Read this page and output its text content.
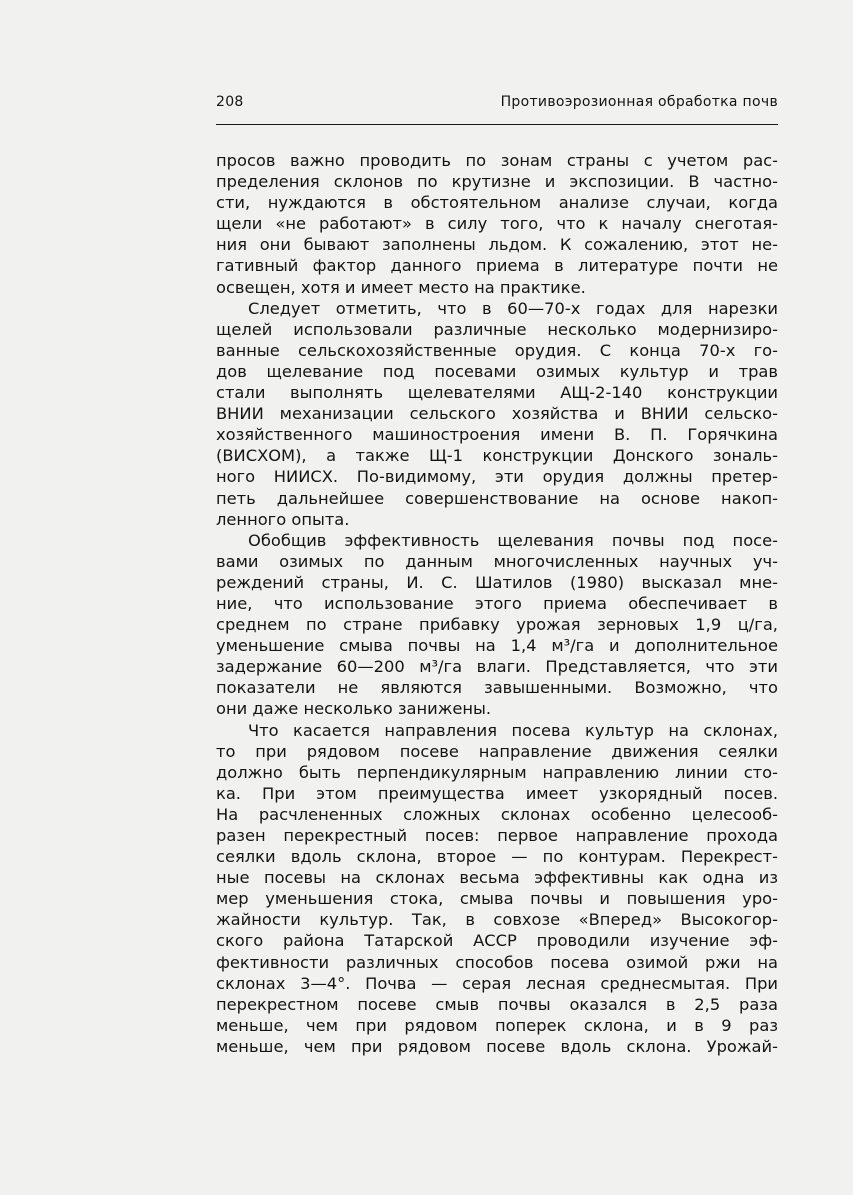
208	Противоэрозионная обработка почв
просов важно проводить по зонам страны с учетом рас-
пределения склонов по крутизне и экспозиции. В частно-
сти, нуждаются в обстоятельном анализе случаи, когда
щели «не работают» в силу того, что к началу снеготая-
ния они бывают заполнены льдом. К сожалению, этот не-
гативный фактор данного приема в литературе почти не
освещен, хотя и имеет место на практике.
Следует отметить, что в 60—70-х годах для нарезки
щелей использовали различные несколько модернизиро-
ванные сельскохозяйственные орудия. С конца 70-х го-
дов щелевание под посевами озимых культур и трав
стали выполнять щелевателями АЩ-2-140 конструкции
ВНИИ механизации сельского хозяйства и ВНИИ сельско-
хозяйственного машиностроения имени В. П. Горячкина
(ВИСХОМ), а также Щ-1 конструкции Донского зональ-
ного НИИСХ. По-видимому, эти орудия должны претер-
петь дальнейшее совершенствование на основе накоп-
ленного опыта.
Обобщив эффективность щелевания почвы под посе-
вами озимых по данным многочисленных научных уч-
реждений страны, И. С. Шатилов (1980) высказал мне-
ние, что использование этого приема обеспечивает в
среднем по стране прибавку урожая зерновых 1,9 ц/га,
уменьшение смыва почвы на 1,4 м³/га и дополнительное
задержание 60—200 м³/га влаги. Представляется, что эти
показатели не являются завышенными. Возможно, что
они даже несколько занижены.
Что касается направления посева культур на склонах,
то при рядовом посеве направление движения сеялки
должно быть перпендикулярным направлению линии сто-
ка. При этом преимущества имеет узкорядный посев.
На расчлененных сложных склонах особенно целесооб-
разен перекрестный посев: первое направление прохода
сеялки вдоль склона, второе — по контурам. Перекрест-
ные посевы на склонах весьма эффективны как одна из
мер уменьшения стока, смыва почвы и повышения уро-
жайности культур. Так, в совхозе «Вперед» Высокогор-
ского района Татарской АССР проводили изучение эф-
фективности различных способов посева озимой ржи на
склонах 3—4°. Почва — серая лесная среднесмытая. При
перекрестном посеве смыв почвы оказался в 2,5 раза
меньше, чем при рядовом поперек склона, и в 9 раз
меньше, чем при рядовом посеве вдоль склона. Урожай-
